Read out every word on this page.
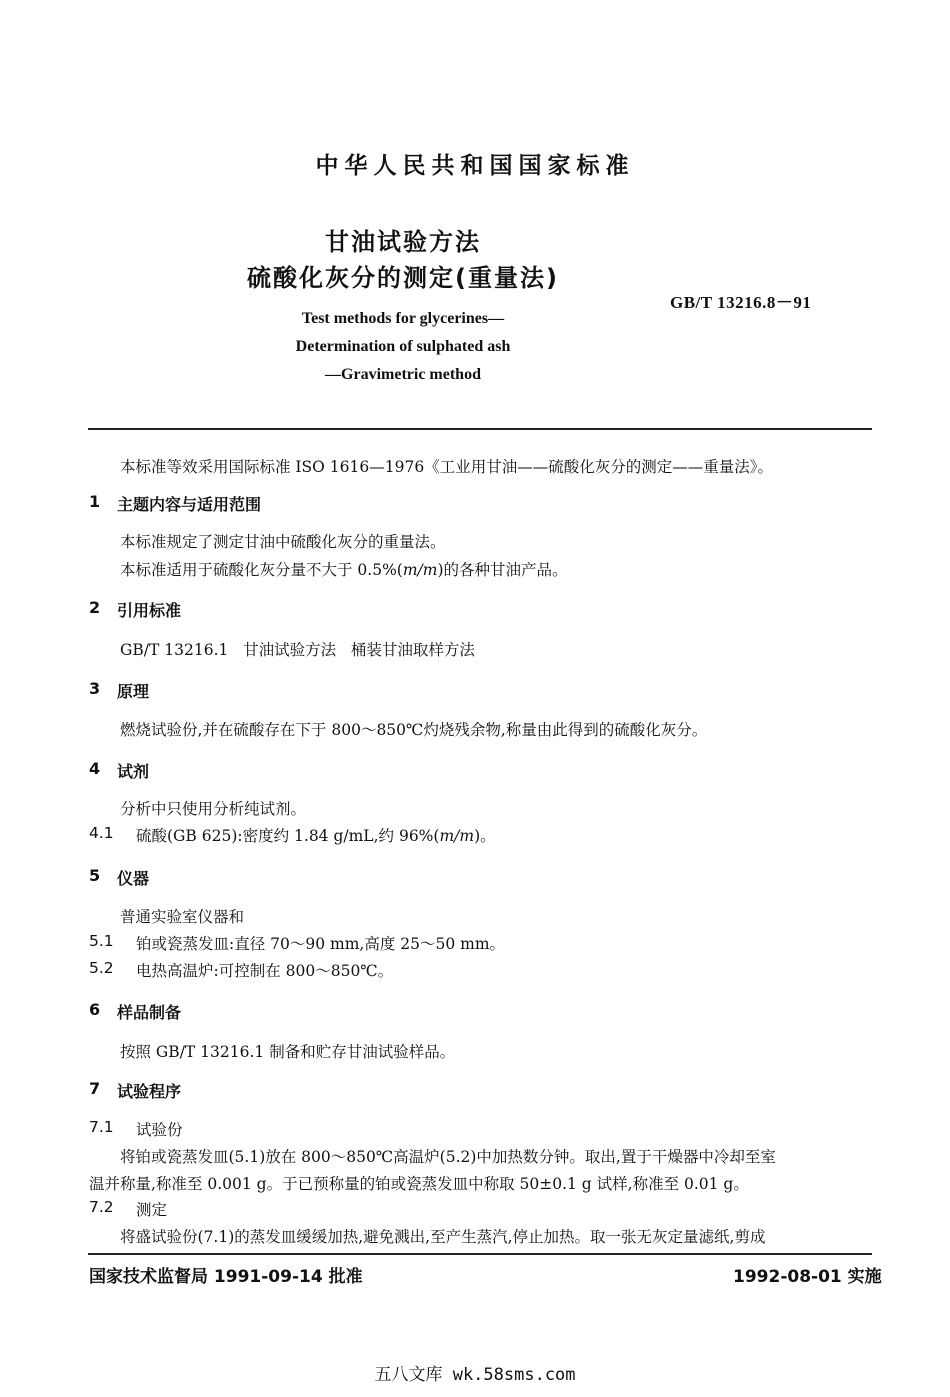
中华人民共和国国家标准
甘油试验方法
硫酸化灰分的测定(重量法)
GB/T 13216.8－91
Test methods for glycerines—
Determination of sulphated ash
—Gravimetric method
本标准等效采用国际标准 ISO 1616—1976《工业用甘油——硫酸化灰分的测定——重量法》。
1 主题内容与适用范围
本标准规定了测定甘油中硫酸化灰分的重量法。
本标准适用于硫酸化灰分量不大于 0.5%(m/m)的各种甘油产品。
2 引用标准
GB/T 13216.1   甘油试验方法   桶装甘油取样方法
3 原理
燃烧试验份,并在硫酸存在下于 800～850℃灼烧残余物,称量由此得到的硫酸化灰分。
4 试剂
分析中只使用分析纯试剂。
4.1 硫酸(GB 625):密度约 1.84 g/mL,约 96%(m/m)。
5 仪器
普通实验室仪器和
5.1 铂或瓷蒸发皿:直径 70～90 mm,高度 25～50 mm。
5.2 电热高温炉:可控制在 800～850℃。
6 样品制备
按照 GB/T 13216.1 制备和贮存甘油试验样品。
7 试验程序
7.1 试验份
将铂或瓷蒸发皿(5.1)放在 800～850℃高温炉(5.2)中加热数分钟。取出,置于干燥器中冷却至室
温并称量,称准至 0.001 g。于已预称量的铂或瓷蒸发皿中称取 50±0.1 g 试样,称准至 0.01 g。
7.2 测定
将盛试验份(7.1)的蒸发皿缓缓加热,避免溅出,至产生蒸汽,停止加热。取一张无灰定量滤纸,剪成
国家技术监督局 1991-09-14 批准	1992-08-01 实施
五八文库 wk.58sms.com
